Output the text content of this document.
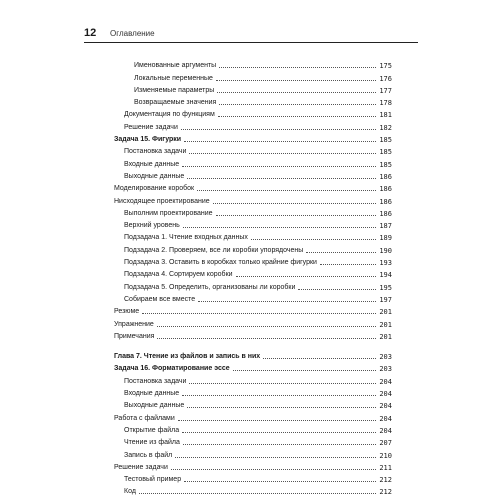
12	Оглавление
Именованные аргументы	175
Локальные переменные	176
Изменяемые параметры	177
Возвращаемые значения	178
Документация по функциям	181
Решение задачи	182
Задача 15. Фигурки	185
Постановка задачи	185
Входные данные	185
Выходные данные	186
Моделирование коробок	186
Нисходящее проектирование	186
Выполним проектирование	186
Верхний уровень	187
Подзадача 1. Чтение входных данных	189
Подзадача 2. Проверяем, все ли коробки упорядочены	190
Подзадача 3. Оставить в коробках только крайние фигурки	193
Подзадача 4. Сортируем коробки	194
Подзадача 5. Определить, организованы ли коробки	195
Собираем все вместе	197
Резюме	201
Упражнение	201
Примечания	201
Глава 7. Чтение из файлов и запись в них	203
Задача 16. Форматирование эссе	203
Постановка задачи	204
Входные данные	204
Выходные данные	204
Работа с файлами	204
Открытие файла	204
Чтение из файла	207
Запись в файл	210
Решение задачи	211
Тестовый пример	212
Код	212
